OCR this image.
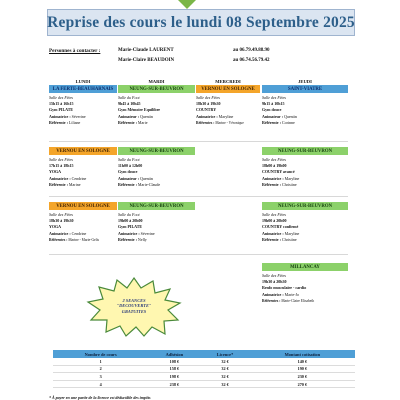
Reprise des cours le lundi 08 Septembre 2025
Personnes à contacter :	Marie-Claude LAURENT	au 06.79.49.88.90
Marie-Claire BEAUDOIN	au 06.74.56.79.42
LUNDI	MARDI	MERCREDI	JEUDI
LA FERTE-BEAUHARNAIS	NEUNG-SUR-BEUVRON	VERNOU EN SOLOGNE	SAINT-VIATRE
Salle des Fêtes
15h15 à 16h15
Gym PILATE
Animatrice : Séverine
Référente : Liliane
Salle du Foot
9h45 à 10h45
Gym Mémoire Equilibre
Animateur : Quentin
Référente : Marie
Salle des Fêtes
18h30 à 19h30
COUNTRY
Animatrice : Maryline
Référentes : Marine - Véronique
Salle des Fêtes
9h15 à 10h15
Gym douce
Animateur : Quentin
Référente : Corinne
VERNOU EN SOLOGNE	NEUNG-SUR-BEUVRON	NEUNG-SUR-BEUVRON
Salle des Fêtes
17h15 à 18h15
YOGA
Animatrice : Cendrine
Référente : Marine
Salle du Foot
11h00 à 12h00
Gym douce
Animateur : Quentin
Référente : Marie-Claude
Salle des Fêtes
18h00 à 19h00
COUNTRY avancé
Animatrice : Maryline
Référente : Christine
VERNOU EN SOLOGNE	NEUNG-SUR-BEUVRON	NEUNG-SUR-BEUVRON
Salle des Fêtes
18h30 à 19h30
YOGA
Animatrice : Cendrine
Référentes : Marine - Marie-Gelis
Salle du Foot
19h00 à 20h00
Gym PILATE
Animatrice : Séverine
Référente : Nelly
Salle des Fêtes
19h00 à 20h00
COUNTRY confirmé
Animatrice : Maryline
Référente : Christine
MILLANCAY
Salle des Fêtes
19h30 à 20h30
Renfo musculaire - cardio
Animatrice : Marie-Jo
Référentes : Marie-Claire Elisabeth
2 SEANCES
"DECOUVERTE"
GRATUITES
Nombre de cours	Adhésion	Licence*	Montant cotisation
1	108 €	32 €	140 €
2	158 €	32 €	190 €
3	198 €	32 €	230 €
4	238 €	32 €	270 €
* À payer en une partie de la licence est déductible des impôts
